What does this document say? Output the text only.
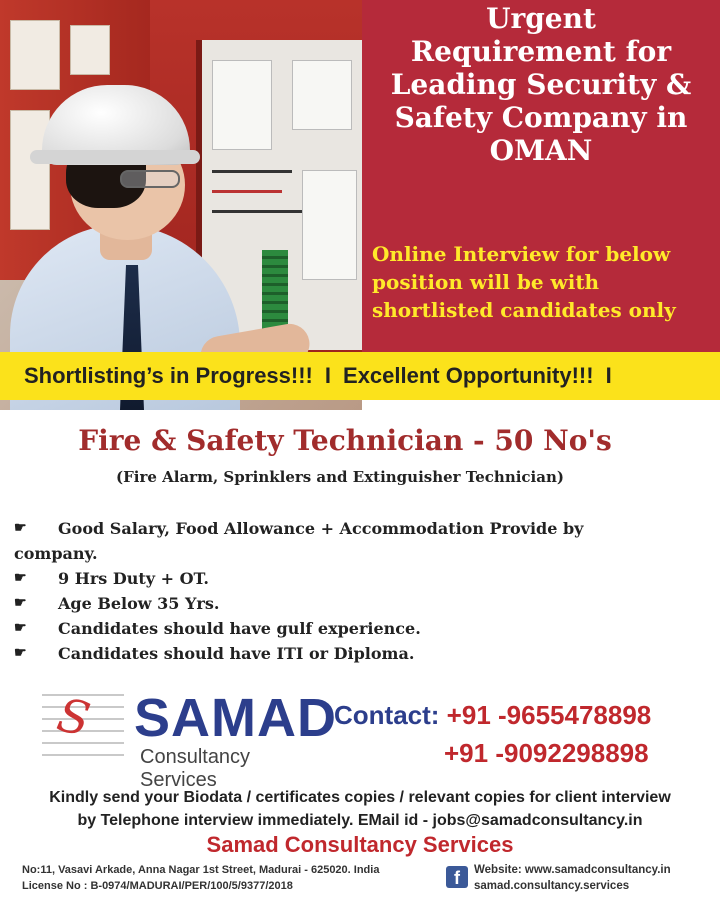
Urgent
Requirement for
Leading Security &
Safety Company in
OMAN
Online Interview for below
position will be with
shortlisted candidates only
Shortlisting’s in Progress!!! I Excellent Opportunity!!! I
Fire & Safety Technician - 50 No's
(Fire Alarm, Sprinklers and Extinguisher Technician)
☛ Good Salary, Food Allowance + Accommodation Provide by
company.
☛ 9 Hrs Duty + OT.
☛ Age Below 35 Yrs.
☛ Candidates should have gulf experience.
☛ Candidates should have ITI or Diploma.
S SAMAD
Consultancy Services
Contact: +91 -9655478898
+91 -9092298898
Kindly send your Biodata / certificates copies / relevant copies for client interview
by Telephone interview immediately. EMail id - jobs@samadconsultancy.in
Samad Consultancy Services
No:11, Vasavi Arkade, Anna Nagar 1st Street, Madurai - 625020. India
License No : B-0974/MADURAI/PER/100/5/9377/2018	f	Website: www.samadconsultancy.in
samad.consultancy.services
